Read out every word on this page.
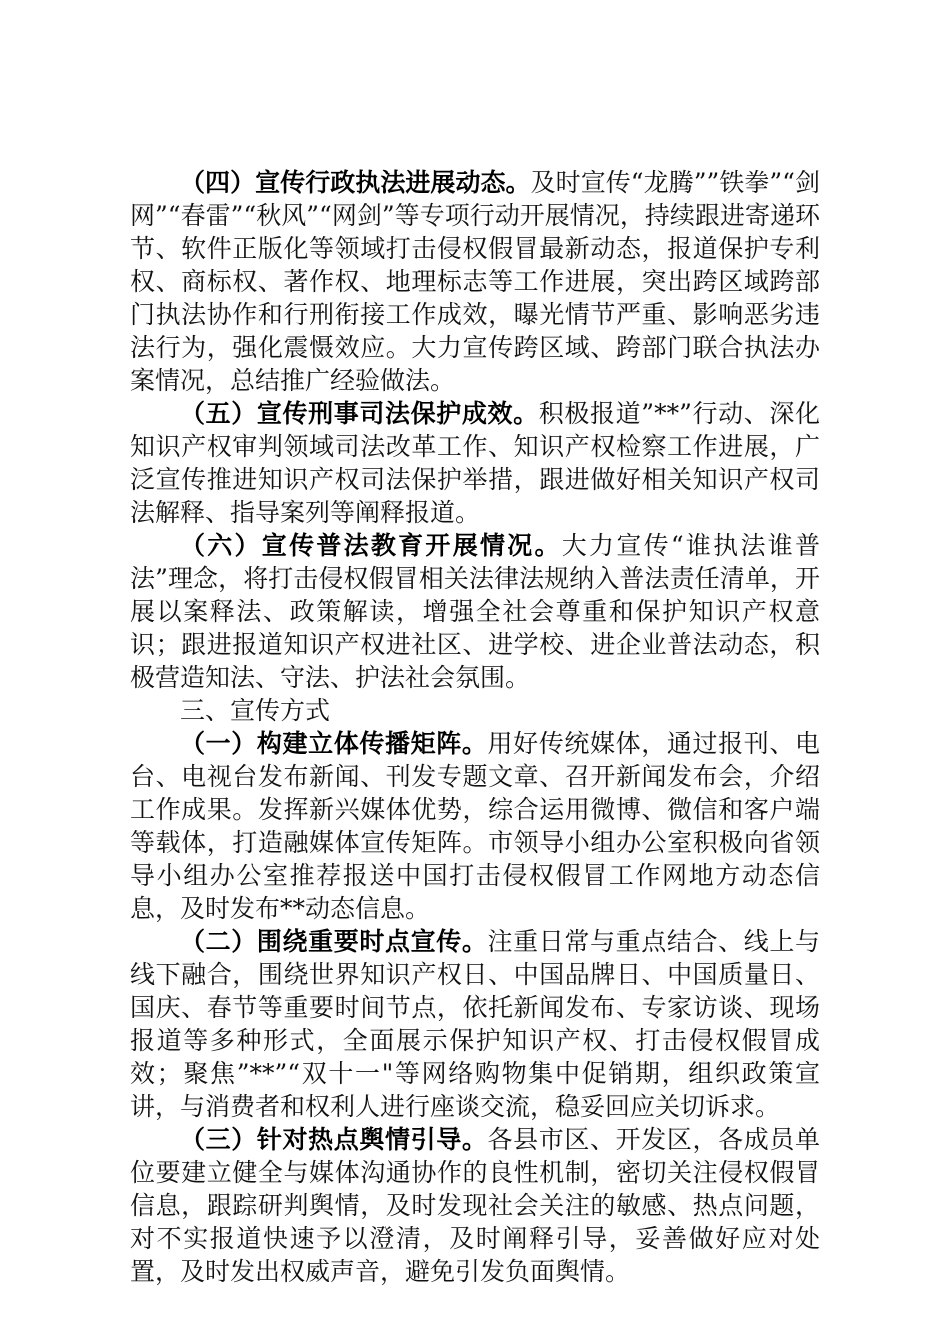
（四）宣传行政执法进展动态。及时宣传“龙腾””铁拳”“剑网”“春雷”“秋风”“网剑”等专项行动开展情况，持续跟进寄递环节、软件正版化等领域打击侵权假冒最新动态，报道保护专利权、商标权、著作权、地理标志等工作进展，突出跨区域跨部门执法协作和行刑衔接工作成效，曝光情节严重、影响恶劣违法行为，强化震慑效应。大力宣传跨区域、跨部门联合执法办案情况，总结推广经验做法。

（五）宣传刑事司法保护成效。积极报道”**”行动、深化知识产权审判领域司法改革工作、知识产权检察工作进展，广泛宣传推进知识产权司法保护举措，跟进做好相关知识产权司法解释、指导案列等阐释报道。

（六）宣传普法教育开展情况。大力宣传“谁执法谁普法”理念，将打击侵权假冒相关法律法规纳入普法责任清单，开展以案释法、政策解读，增强全社会尊重和保护知识产权意识；跟进报道知识产权进社区、进学校、进企业普法动态，积极营造知法、守法、护法社会氛围。

三、宣传方式

（一）构建立体传播矩阵。用好传统媒体，通过报刊、电台、电视台发布新闻、刊发专题文章、召开新闻发布会，介绍工作成果。发挥新兴媒体优势，综合运用微博、微信和客户端等载体，打造融媒体宣传矩阵。市领导小组办公室积极向省领导小组办公室推荐报送中国打击侵权假冒工作网地方动态信息，及时发布**动态信息。

（二）围绕重要时点宣传。注重日常与重点结合、线上与线下融合，围绕世界知识产权日、中国品牌日、中国质量日、国庆、春节等重要时间节点，依托新闻发布、专家访谈、现场报道等多种形式，全面展示保护知识产权、打击侵权假冒成效；聚焦”**”“双十一"等网络购物集中促销期，组织政策宣讲，与消费者和权利人进行座谈交流，稳妥回应关切诉求。

（三）针对热点舆情引导。各县市区、开发区，各成员单位要建立健全与媒体沟通协作的良性机制，密切关注侵权假冒信息，跟踪研判舆情，及时发现社会关注的敏感、热点问题，对不实报道快速予以澄清，及时阐释引导，妥善做好应对处置，及时发出权威声音，避免引发负面舆情。
